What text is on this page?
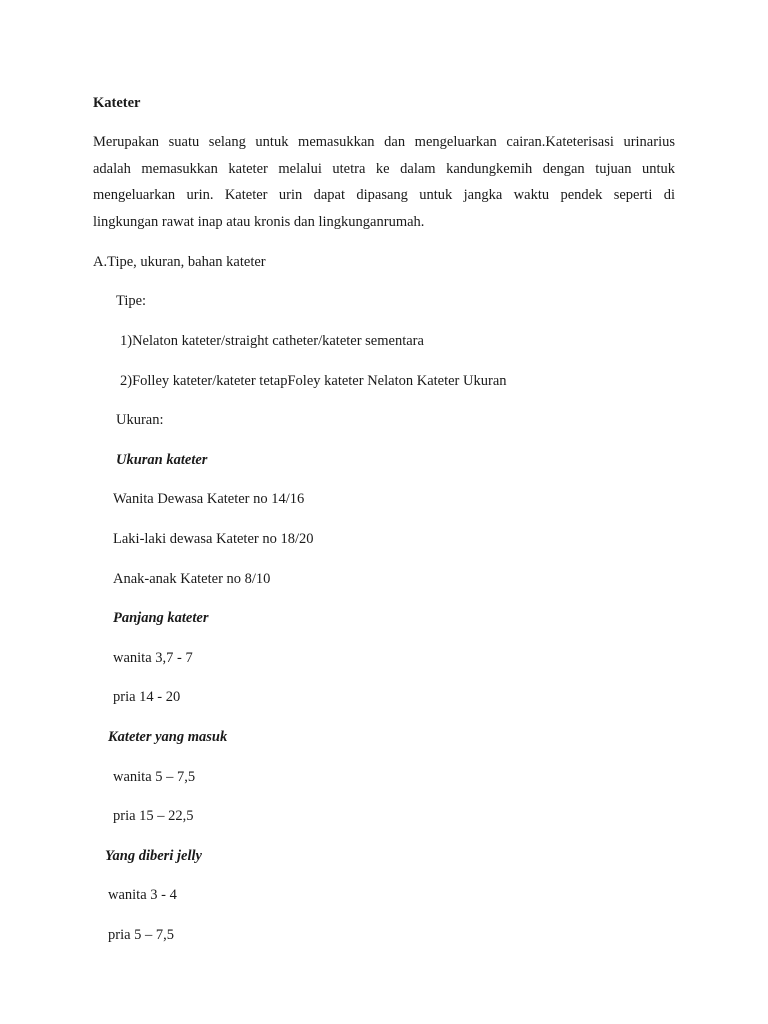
Kateter
Merupakan suatu selang untuk memasukkan dan mengeluarkan cairan.Kateterisasi urinarius
adalah memasukkan kateter melalui utetra ke dalam kandungkemih dengan tujuan untuk
mengeluarkan urin. Kateter urin dapat dipasang untuk jangka waktu pendek seperti di
lingkungan rawat inap atau kronis dan lingkunganrumah.
A.Tipe, ukuran, bahan kateter
Tipe:
1)Nelaton kateter/straight catheter/kateter sementara
2)Folley kateter/kateter tetapFoley kateter Nelaton Kateter Ukuran
Ukuran:
Ukuran kateter
Wanita Dewasa Kateter no 14/16
Laki-laki dewasa Kateter no 18/20
Anak-anak Kateter no 8/10
Panjang kateter
wanita 3,7 - 7
pria 14 - 20
Kateter yang masuk
wanita 5 – 7,5
pria 15 – 22,5
Yang diberi jelly
wanita 3 - 4
pria 5 – 7,5
